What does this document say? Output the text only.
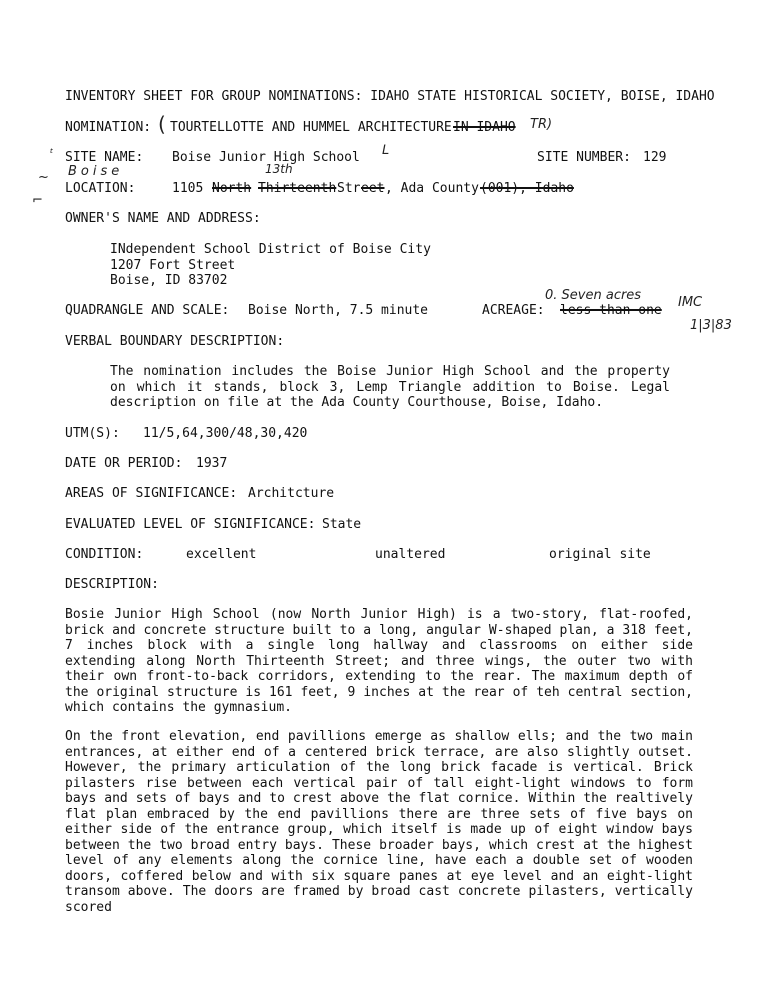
INVENTORY SHEET FOR GROUP NOMINATIONS: IDAHO STATE HISTORICAL SOCIETY, BOISE, IDAHO
NOMINATION: ( TOURTELLOTTE AND HUMMEL ARCHITECTURE IN IDAHO TR)
ᵗ SITE NAME: Boise Junior High School ᒪ	SITE NUMBER: 129
Boise
~
⌐
LOCATION:	1105 North
13th
Thirteenth Str eet , Ada County (001), Idaho
OWNER'S NAME AND ADDRESS:
INdependent School District of Boise City
1207 Fort Street
Boise, ID 83702
QUADRANGLE AND SCALE: Boise North, 7.5 minute	ACREAGE:
0. Seven acres
less than one
IMC
1|3|83
VERBAL BOUNDARY DESCRIPTION:
The nomination includes the Boise Junior High School and the property on which it stands, block 3, Lemp Triangle addition to Boise. Legal description on file at the Ada County Courthouse, Boise, Idaho.
UTM(S): 11/5,64,300/48,30,420
DATE OR PERIOD: 1937
AREAS OF SIGNIFICANCE: Architcture
EVALUATED LEVEL OF SIGNIFICANCE: State
CONDITION:	excellent	unaltered	original site
DESCRIPTION:
Bosie Junior High School (now North Junior High) is a two-story, flat-roofed, brick and concrete structure built to a long, angular W-shaped plan, a 318 feet, 7 inches block with a single long hallway and classrooms on either side extending along North Thirteenth Street; and three wings, the outer two with their own front-to-back corridors, extending to the rear. The maximum depth of the original structure is 161 feet, 9 inches at the rear of teh central section, which contains the gymnasium.
On the front elevation, end pavillions emerge as shallow ells; and the two main entrances, at either end of a centered brick terrace, are also slightly outset. However, the primary articulation of the long brick facade is vertical. Brick pilasters rise between each vertical pair of tall eight-light windows to form bays and sets of bays and to crest above the flat cornice. Within the realtively flat plan embraced by the end pavillions there are three sets of five bays on either side of the entrance group, which itself is made up of eight window bays between the two broad entry bays. These broader bays, which crest at the highest level of any elements along the cornice line, have each a double set of wooden doors, coffered below and with six square panes at eye level and an eight-light transom above. The doors are framed by broad cast concrete pilasters, vertically scored
